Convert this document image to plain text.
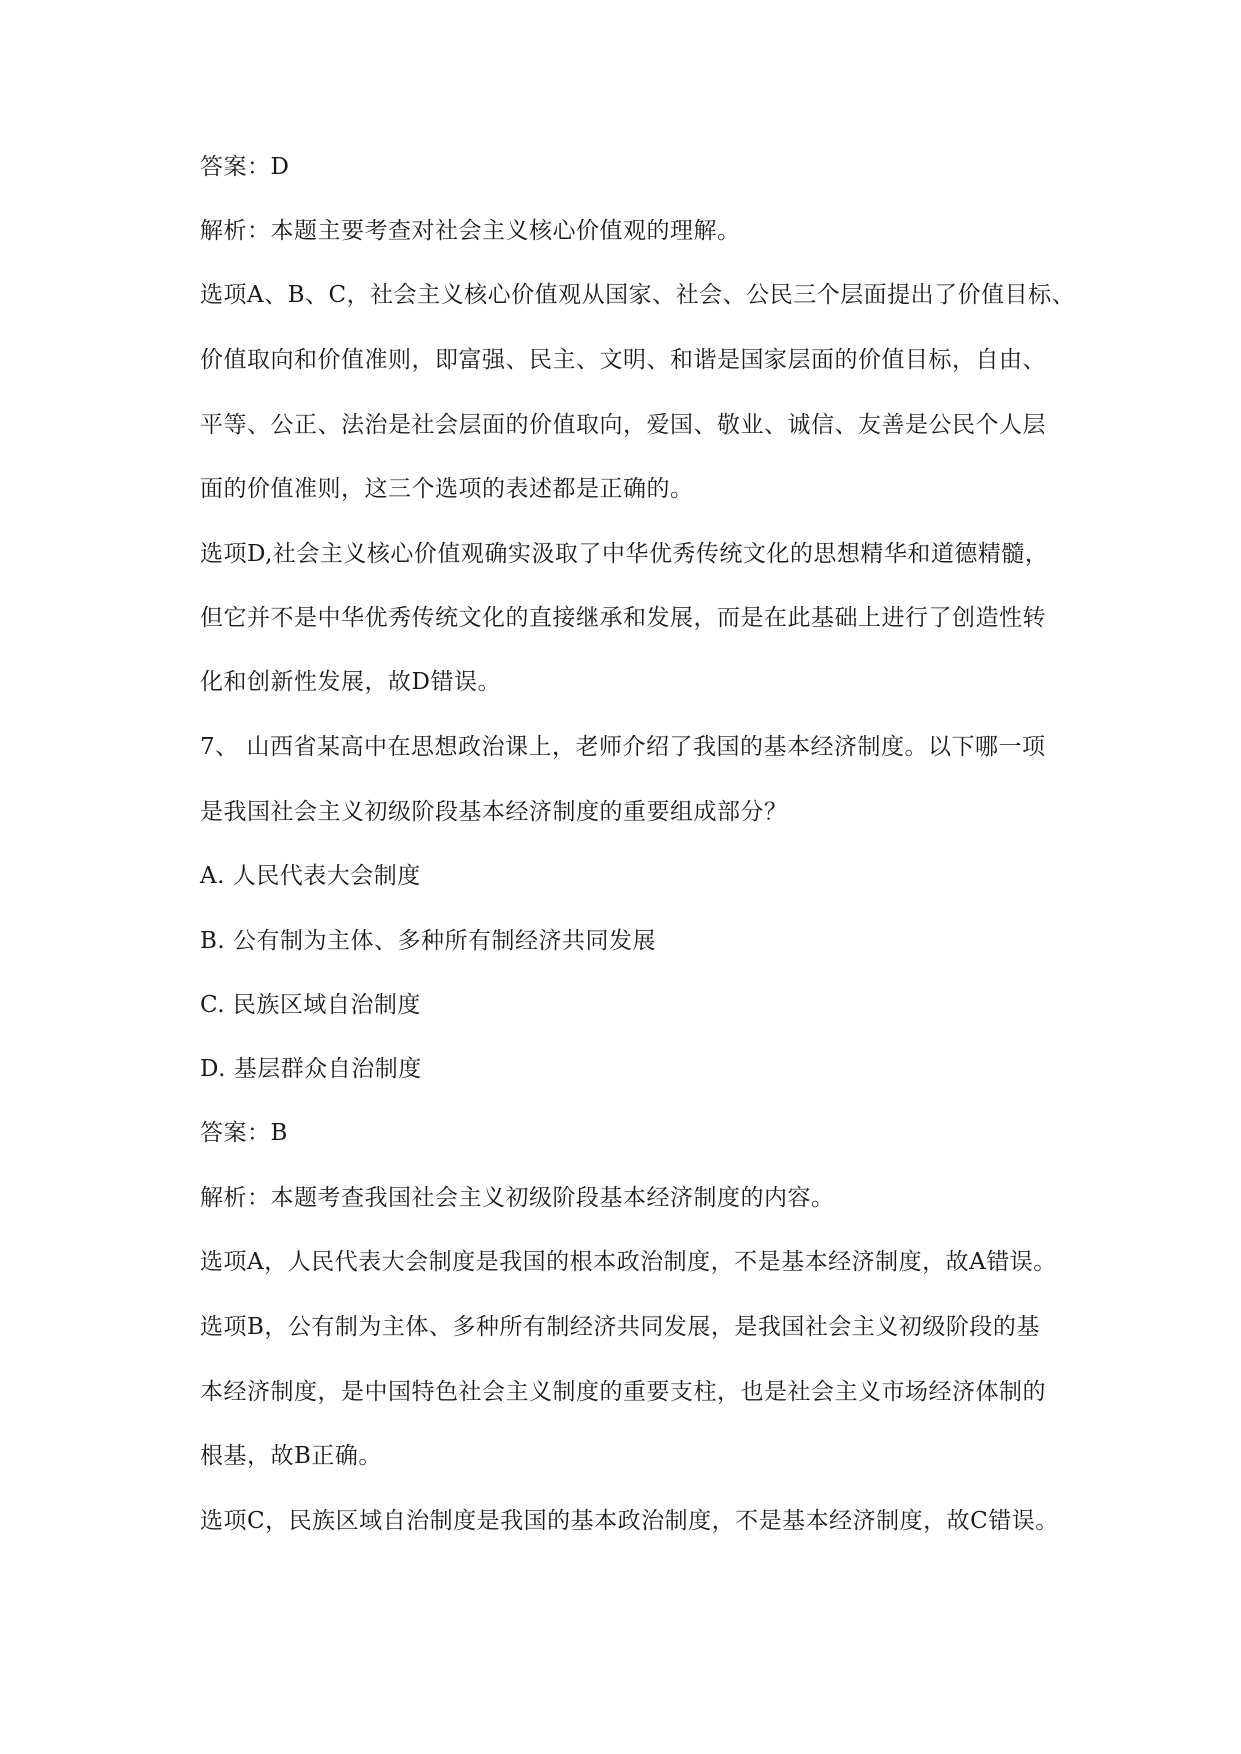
答案：D
解析：本题主要考查对社会主义核心价值观的理解。
选项A、B、C，社会主义核心价值观从国家、社会、公民三个层面提出了价值目标、
价值取向和价值准则，即富强、民主、文明、和谐是国家层面的价值目标，自由、
平等、公正、法治是社会层面的价值取向，爱国、敬业、诚信、友善是公民个人层
面的价值准则，这三个选项的表述都是正确的。
选项D,社会主义核心价值观确实汲取了中华优秀传统文化的思想精华和道德精髓，
但它并不是中华优秀传统文化的直接继承和发展，而是在此基础上进行了创造性转
化和创新性发展，故D错误。
7、 山西省某高中在思想政治课上，老师介绍了我国的基本经济制度。以下哪一项
是我国社会主义初级阶段基本经济制度的重要组成部分？
A. 人民代表大会制度
B. 公有制为主体、多种所有制经济共同发展
C. 民族区域自治制度
D. 基层群众自治制度
答案：B
解析：本题考查我国社会主义初级阶段基本经济制度的内容。
选项A，人民代表大会制度是我国的根本政治制度，不是基本经济制度，故A错误。
选项B，公有制为主体、多种所有制经济共同发展，是我国社会主义初级阶段的基
本经济制度，是中国特色社会主义制度的重要支柱，也是社会主义市场经济体制的
根基，故B正确。
选项C，民族区域自治制度是我国的基本政治制度，不是基本经济制度，故C错误。
